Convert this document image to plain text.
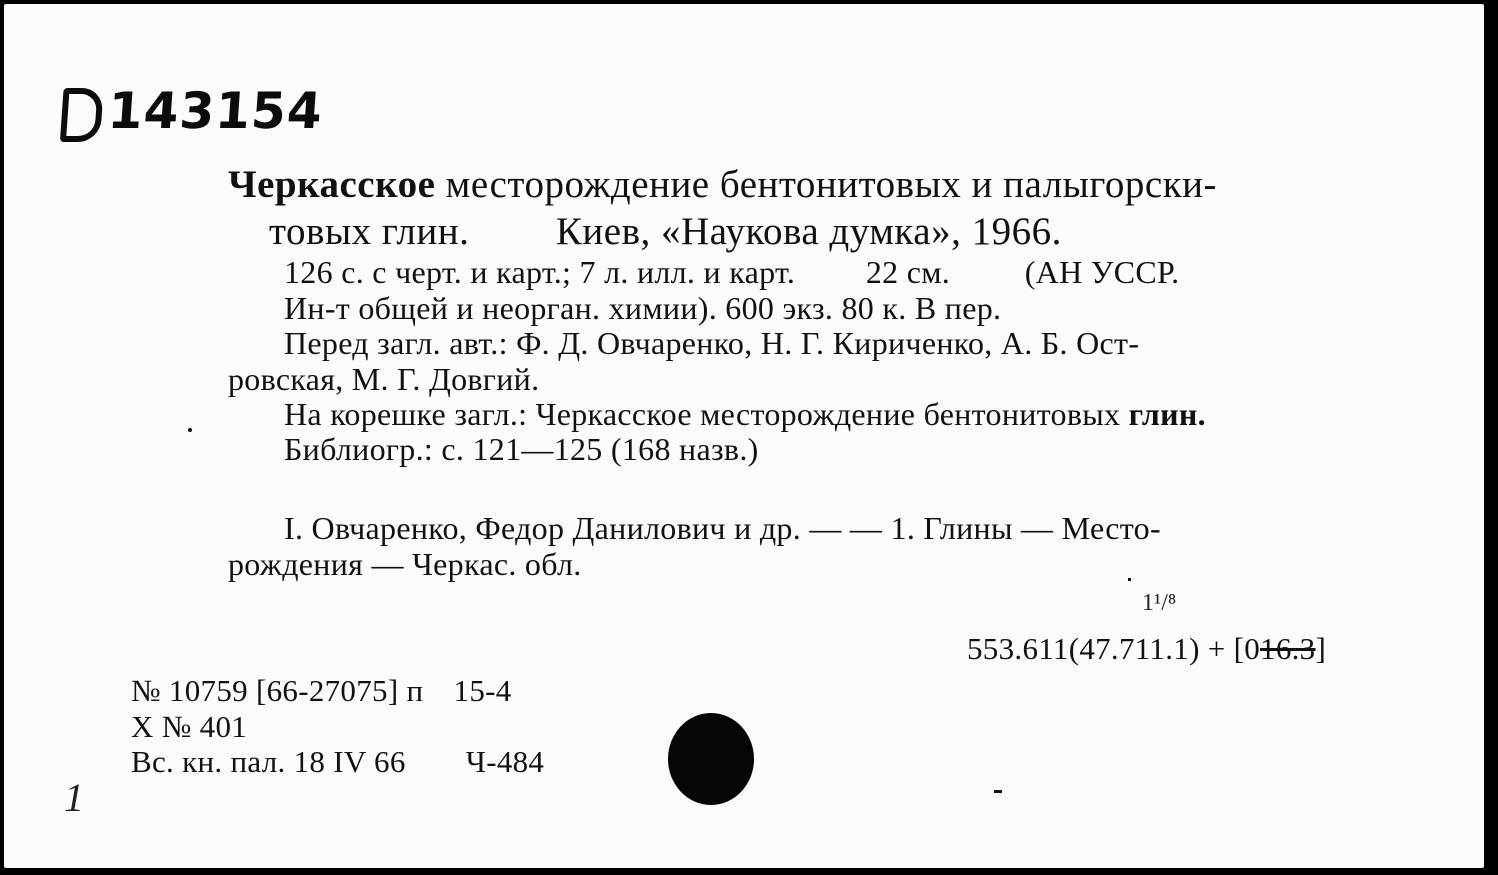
143154
Черкасское месторождение бентонитовых и палыгорски-
товых глин. Киев, «Наукова думка», 1966.
126 с. с черт. и карт.; 7 л. илл. и карт. 22 см. (АН УССР.
Ин-т общей и неорган. химии). 600 экз. 80 к. В пер.
Перед загл. авт.: Ф. Д. Овчаренко, Н. Г. Кириченко, А. Б. Ост-
ровская, М. Г. Довгий.
На корешке загл.: Черкасское месторождение бентонитовых глин.
Библиогр.: с. 121—125 (168 назв.)
I. Овчаренко, Федор Данилович и др. — — 1. Глины — Место-
рождения — Черкас. обл.
1¹/⁸
553.611(47.711.1) + [016.3]
№ 10759 [66-27075] п 15-4
X № 401
Вс. кн. пал. 18 IV 66 Ч-484
1
